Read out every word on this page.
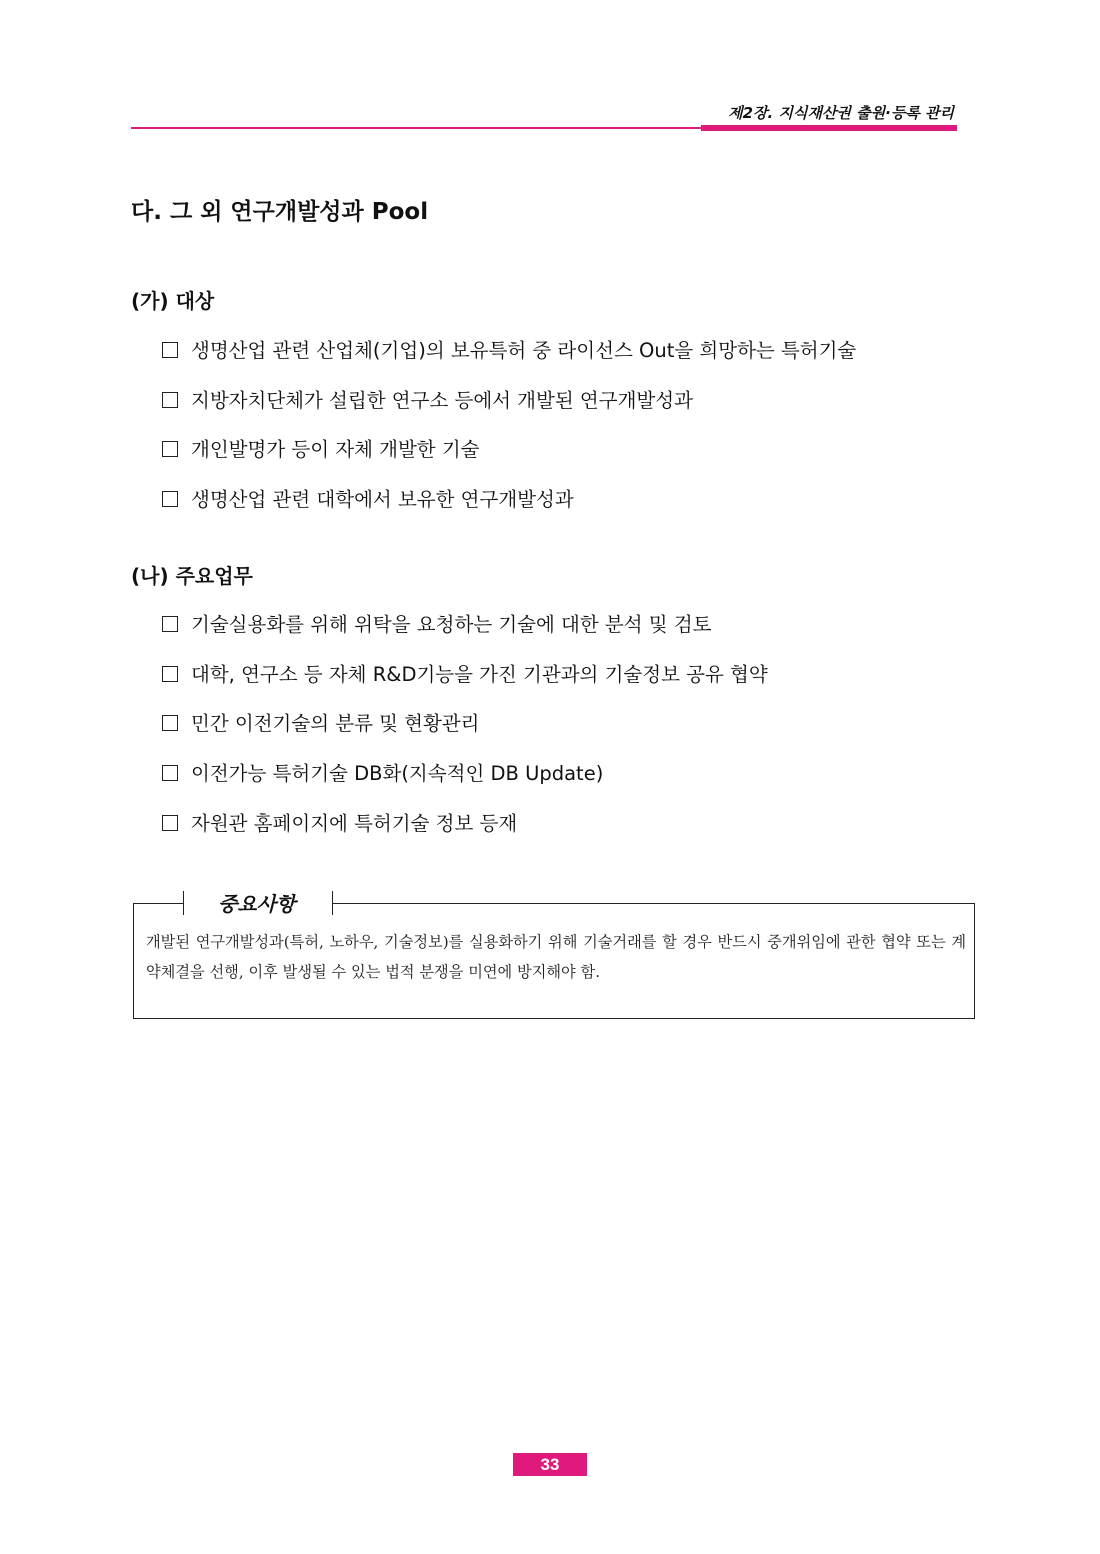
제2장. 지식재산권 출원·등록 관리
다. 그 외 연구개발성과 Pool
(가) 대상
생명산업 관련 산업체(기업)의 보유특허 중 라이선스 Out을 희망하는 특허기술
지방자치단체가 설립한 연구소 등에서 개발된 연구개발성과
개인발명가 등이 자체 개발한 기술
생명산업 관련 대학에서 보유한 연구개발성과
(나) 주요업무
기술실용화를 위해 위탁을 요청하는 기술에 대한 분석 및 검토
대학, 연구소 등 자체 R&D기능을 가진 기관과의 기술정보 공유 협약
민간 이전기술의 분류 및 현황관리
이전가능 특허기술 DB화(지속적인 DB Update)
자원관 홈페이지에 특허기술 정보 등재
중요사항
개발된 연구개발성과(특허, 노하우, 기술정보)를 실용화하기 위해 기술거래를 할 경우 반드시 중개위임에 관한 협약 또는 계약체결을 선행, 이후 발생될 수 있는 법적 분쟁을 미연에 방지해야 함.
33
